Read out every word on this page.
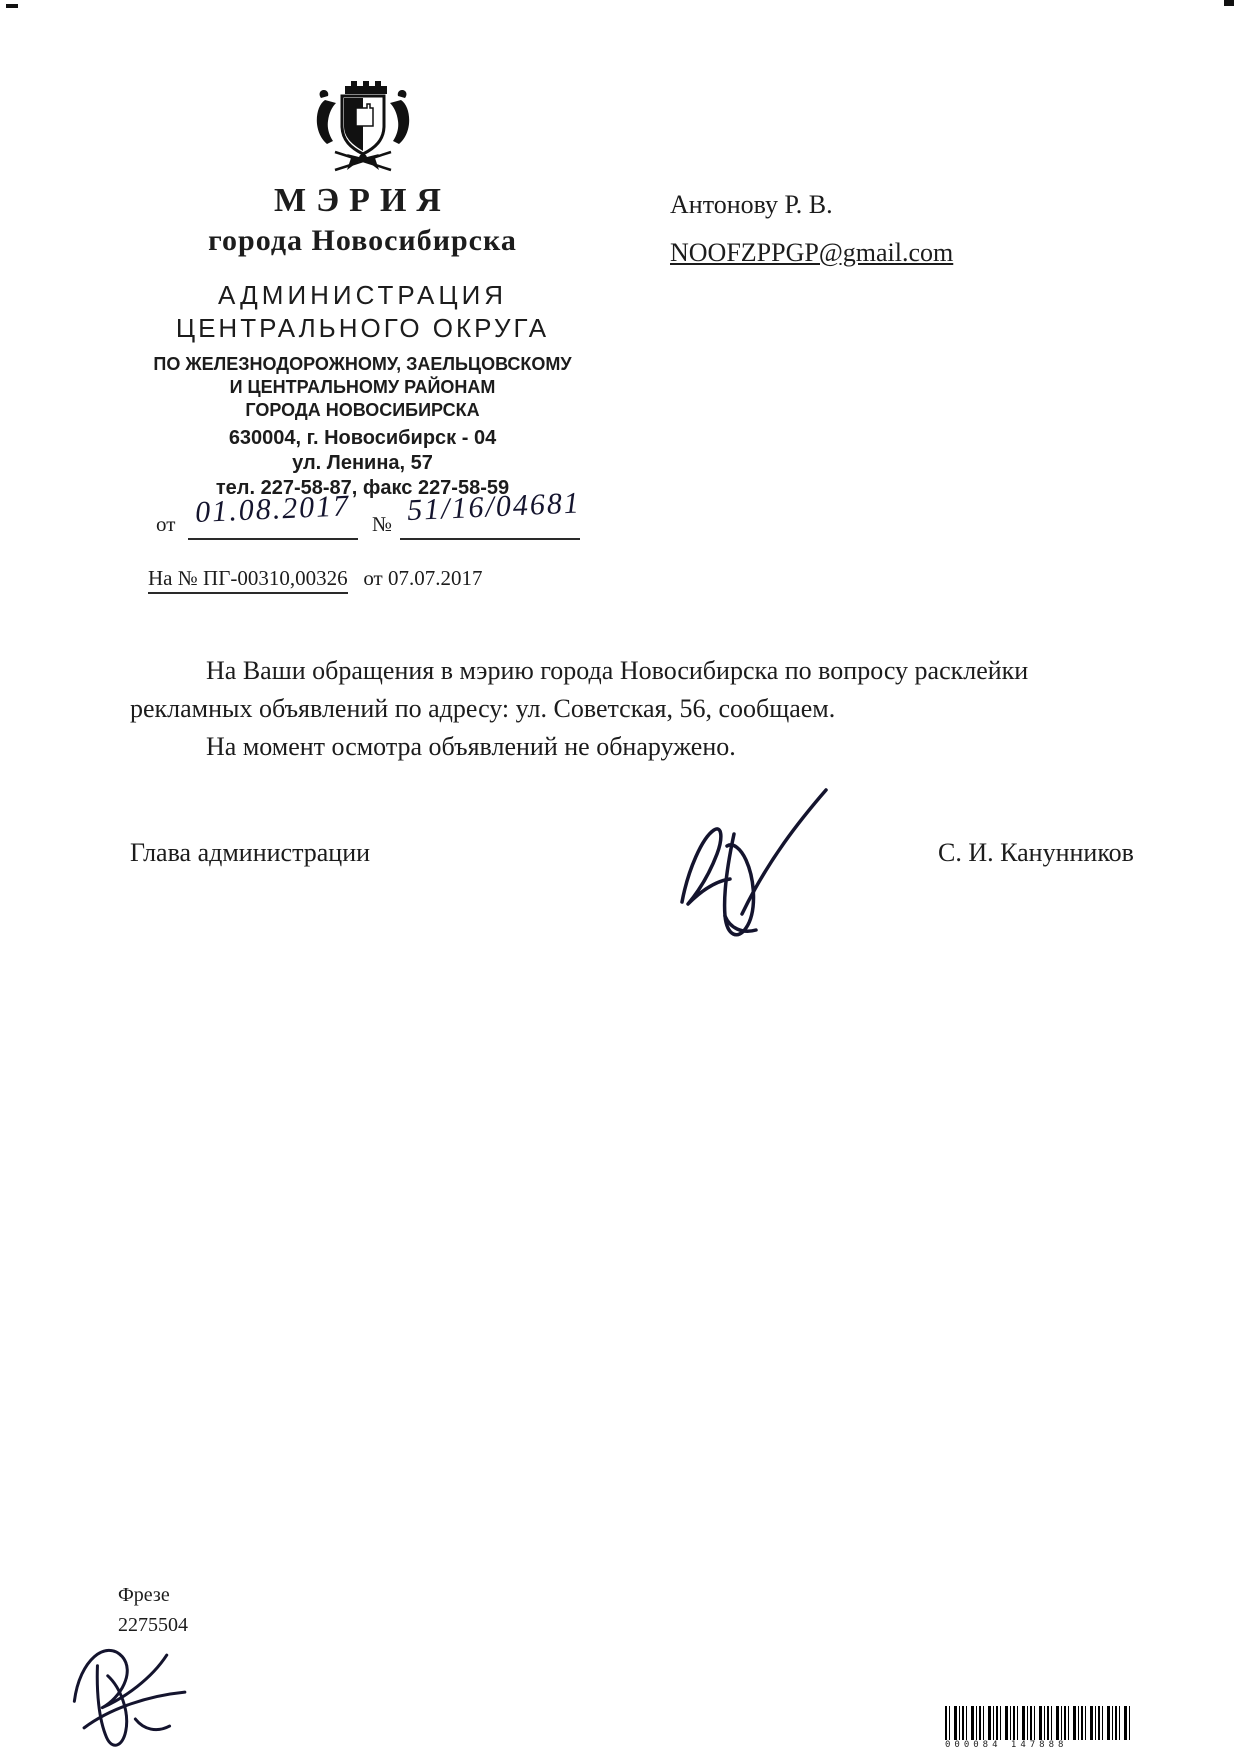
МЭРИЯ
города Новосибирска
АДМИНИСТРАЦИЯ
ЦЕНТРАЛЬНОГО ОКРУГА
ПО ЖЕЛЕЗНОДОРОЖНОМУ, ЗАЕЛЬЦОВСКОМУ
И ЦЕНТРАЛЬНОМУ РАЙОНАМ
ГОРОДА НОВОСИБИРСКА
630004, г. Новосибирск - 04
ул. Ленина, 57
тел. 227-58-87, факс 227-58-59
от 01.08.2017 № 51/16/04681
На № ПГ-00310,00326 от 07.07.2017
Антонову Р. В.
NOOFZPPGP@gmail.com

На Ваши обращения в мэрию города Новосибирска по вопросу расклейки рекламных объявлений по адресу: ул. Советская, 56, сообщаем.

На момент осмотра объявлений не обнаружено.

Глава администрации	С. И. Канунников
Фрезе
2275504
000084 147888
